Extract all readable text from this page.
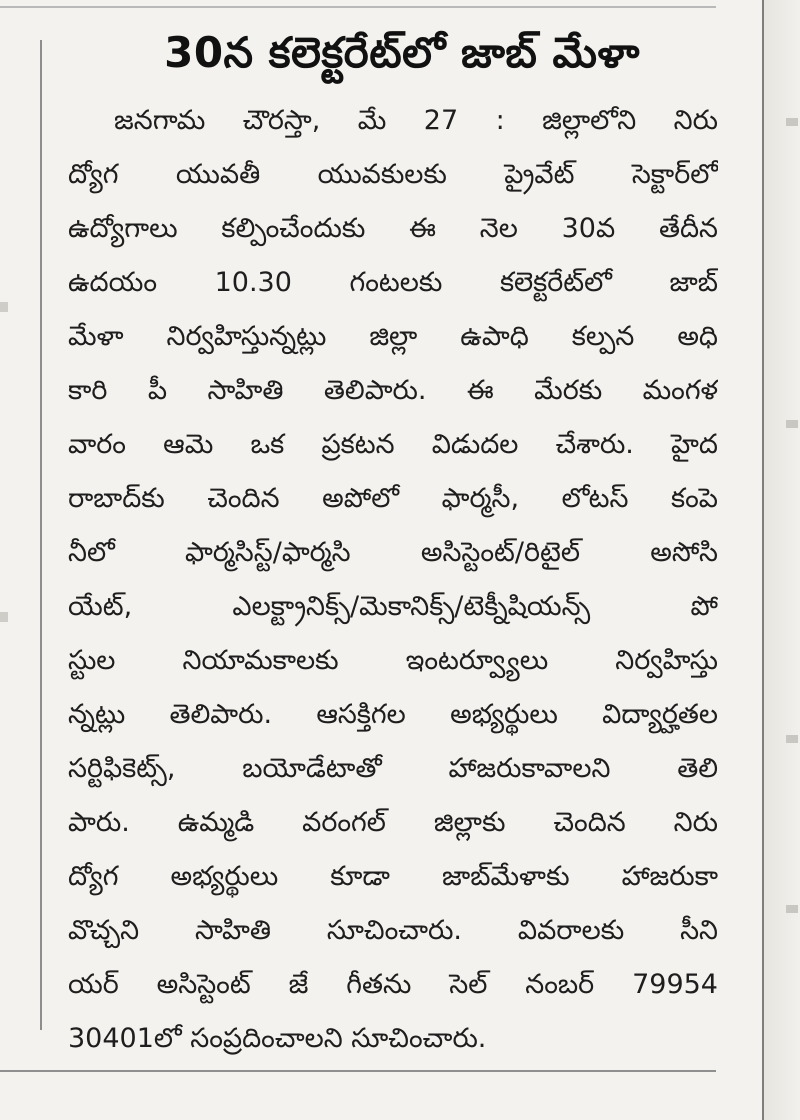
30న కలెక్టరేట్‌లో జాబ్ మేళా
జనగామ చౌరస్తా, మే 27 : జిల్లాలోని నిరు
ద్యోగ యువతీ యువకులకు ప్రైవేట్ సెక్టార్‌లో
ఉద్యోగాలు కల్పించేందుకు ఈ నెల 30వ తేదీన
ఉదయం 10.30 గంటలకు కలెక్టరేట్‌లో జాబ్
మేళా నిర్వహిస్తున్నట్లు జిల్లా ఉపాధి కల్పన అధి
కారి పీ సాహితి తెలిపారు. ఈ మేరకు మంగళ
వారం ఆమె ఒక ప్రకటన విడుదల చేశారు. హైద
రాబాద్‌కు చెందిన అపోలో ఫార్మసీ, లోటస్ కంపె
నీలో ఫార్మసిస్ట్/ఫార్మసి అసిస్టెంట్/రిటైల్ అసోసి
యేట్, ఎలక్ట్రానిక్స్/మెకానిక్స్/టెక్నీషియన్స్ పో
స్టుల నియామకాలకు ఇంటర్వ్యూలు నిర్వహిస్తు
న్నట్లు తెలిపారు. ఆసక్తిగల అభ్యర్థులు విద్యార్హతల
సర్టిఫికెట్స్, బయోడేటాతో హాజరుకావాలని తెలి
పారు. ఉమ్మడి వరంగల్ జిల్లాకు చెందిన నిరు
ద్యోగ అభ్యర్థులు కూడా జాబ్‌మేళాకు హాజరుకా
వొచ్చని సాహితి సూచించారు. వివరాలకు సీని
యర్ అసిస్టెంట్ జే గీతను సెల్ నంబర్ 79954
30401లో సంప్రదించాలని సూచించారు.
